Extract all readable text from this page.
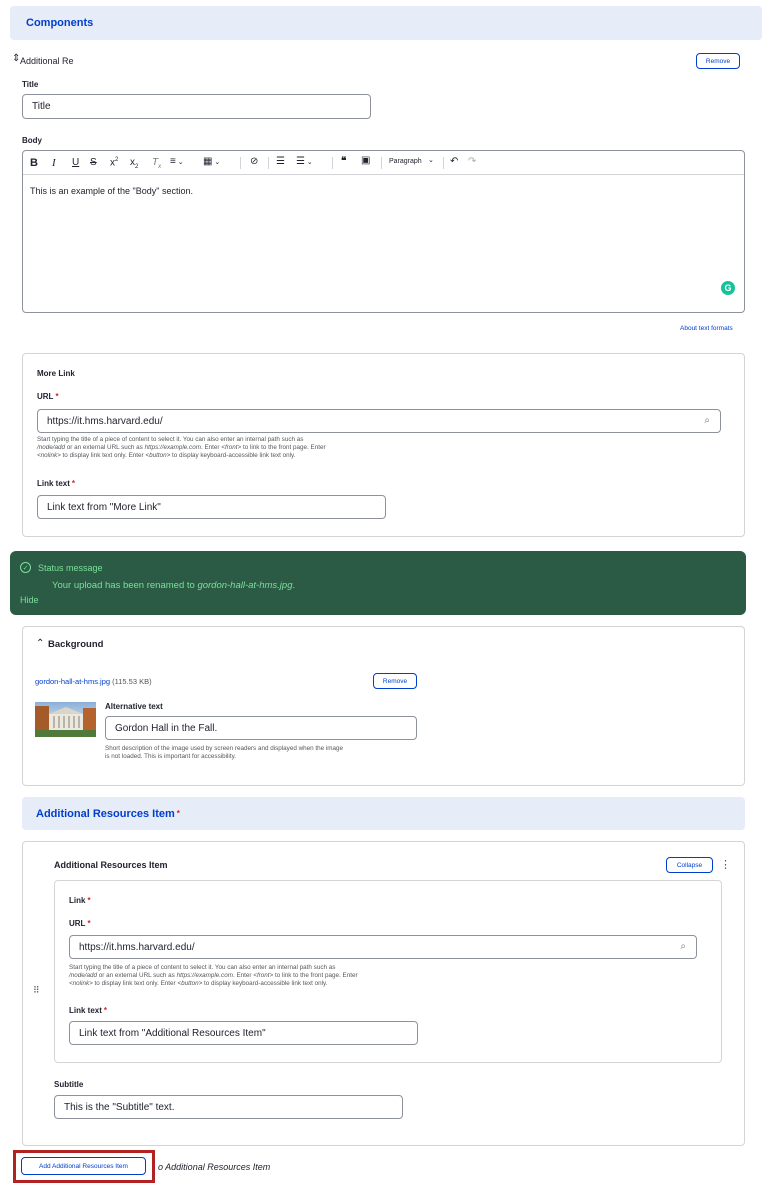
Components
⇕ Additional Re	Remove
Title
Title
Body
B I U S $x^2$ $x_2$ $T_x$ ≡ ⌄ ▦ ⌄	⊘ ☰ ☰ ⌄	❝ ▣	Paragraph ⌄ ↶ ↷
This is an example of the "Body" section.
G
About text formats
More Link
URL *
https://it.hms.harvard.edu/	⌕
Start typing the title of a piece of content to select it. You can also enter an internal path such as
/node/add or an external URL such as https://example.com. Enter <front> to link to the front page. Enter
<nolink> to display link text only. Enter <button> to display keyboard-accessible link text only.
Link text *
Link text from "More Link"
✓ Status message
Your upload has been renamed to gordon-hall-at-hms.jpg.
Hide
⌃ Background
gordon-hall-at-hms.jpg (115.53 KB)	Remove
Alternative text
Gordon Hall in the Fall.
Short description of the image used by screen readers and displayed when the image
is not loaded. This is important for accessibility.
Additional Resources Item *
⠿
Additional Resources Item	Collapse	⋮
Link *
URL *
https://it.hms.harvard.edu/	⌕
Start typing the title of a piece of content to select it. You can also enter an internal path such as
/node/add or an external URL such as https://example.com. Enter <front> to link to the front page. Enter
<nolink> to display link text only. Enter <button> to display keyboard-accessible link text only.
Link text *
Link text from "Additional Resources Item"
Subtitle
This is the "Subtitle" text.
Add Additional Resources Item	o Additional Resources Item
